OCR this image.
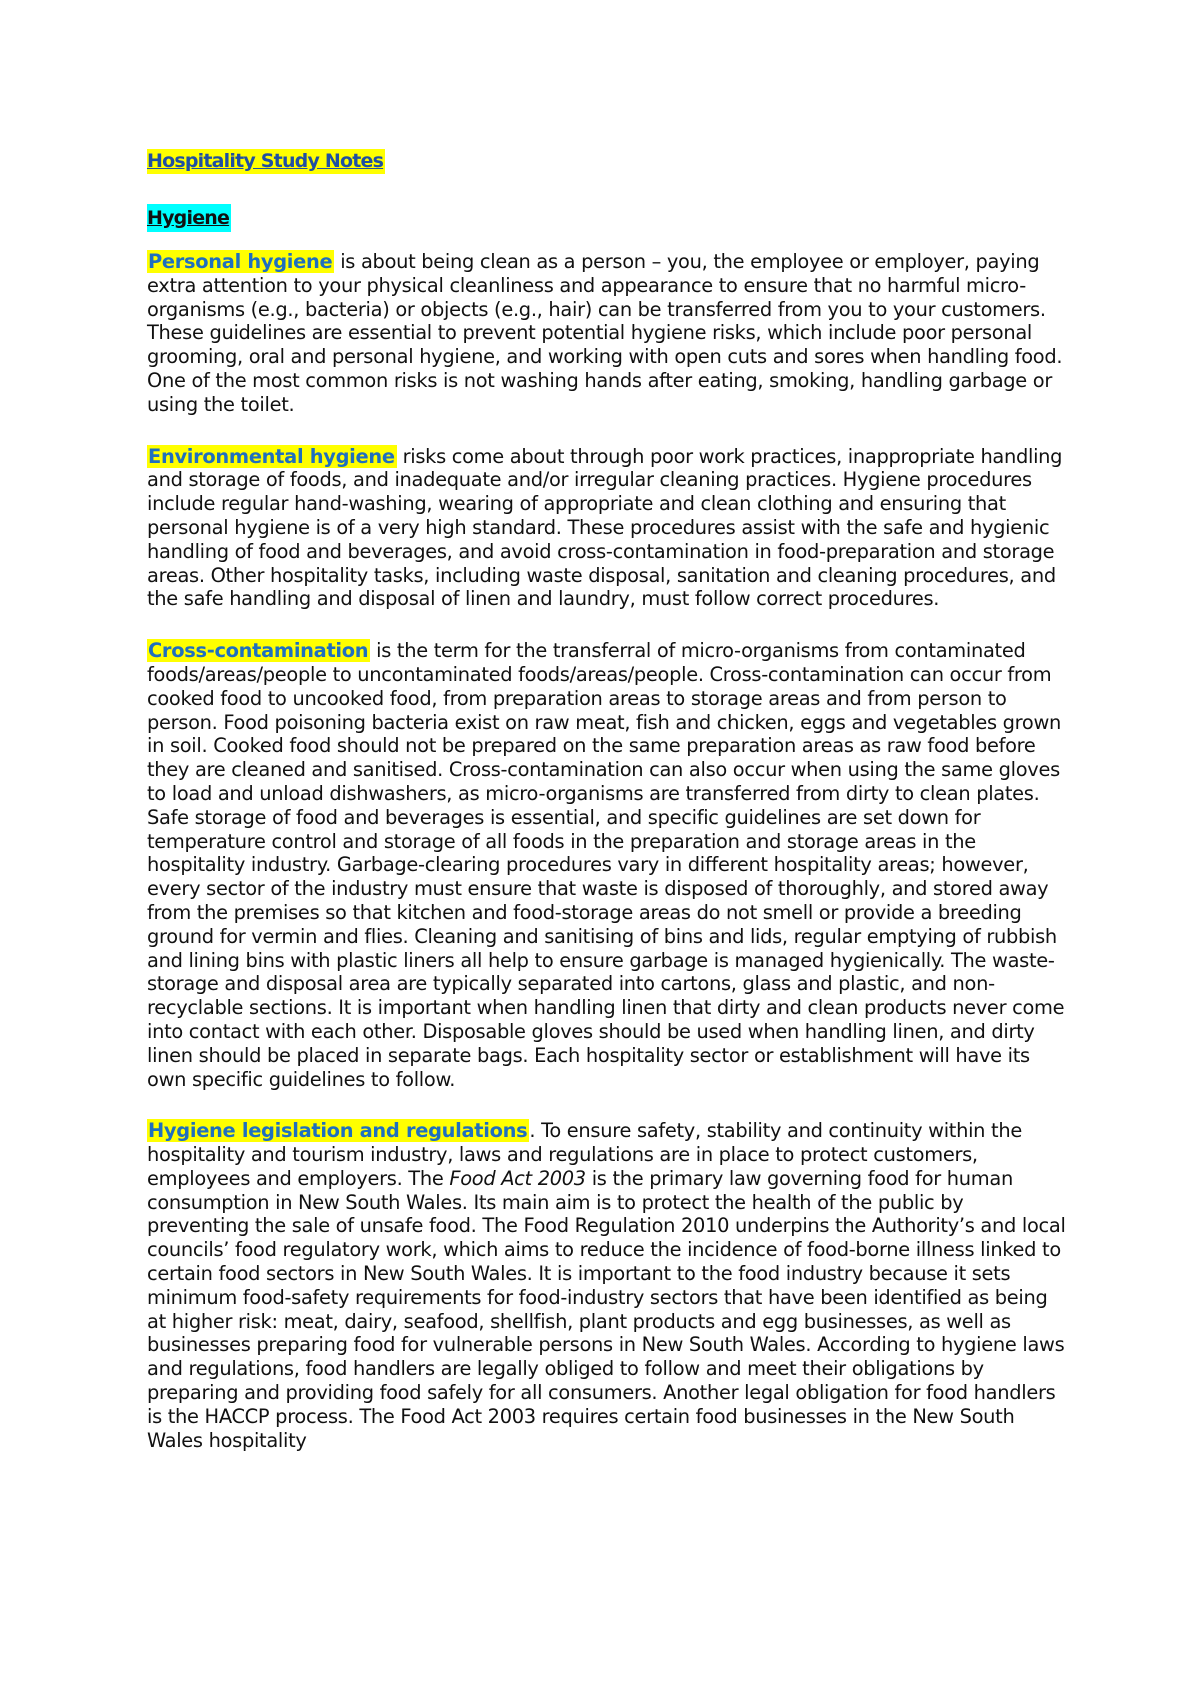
Hospitality Study Notes
Hygiene

Personal hygiene is about being clean as a person – you, the employee or employer, paying extra attention to your physical cleanliness and appearance to ensure that no harmful micro-organisms (e.g., bacteria) or objects (e.g., hair) can be transferred from you to your customers. These guidelines are essential to prevent potential hygiene risks, which include poor personal grooming, oral and personal hygiene, and working with open cuts and sores when handling food. One of the most common risks is not washing hands after eating, smoking, handling garbage or using the toilet.

Environmental hygiene risks come about through poor work practices, inappropriate handling and storage of foods, and inadequate and/or irregular cleaning practices. Hygiene procedures include regular hand-washing, wearing of appropriate and clean clothing and ensuring that personal hygiene is of a very high standard. These procedures assist with the safe and hygienic handling of food and beverages, and avoid cross-contamination in food-preparation and storage areas. Other hospitality tasks, including waste disposal, sanitation and cleaning procedures, and the safe handling and disposal of linen and laundry, must follow correct procedures.

Cross-contamination is the term for the transferral of micro-organisms from contaminated foods/areas/people to uncontaminated foods/areas/people. Cross-contamination can occur from cooked food to uncooked food, from preparation areas to storage areas and from person to person. Food poisoning bacteria exist on raw meat, fish and chicken, eggs and vegetables grown in soil. Cooked food should not be prepared on the same preparation areas as raw food before they are cleaned and sanitised. Cross-contamination can also occur when using the same gloves to load and unload dishwashers, as micro-organisms are transferred from dirty to clean plates. Safe storage of food and beverages is essential, and specific guidelines are set down for temperature control and storage of all foods in the preparation and storage areas in the hospitality industry. Garbage-clearing procedures vary in different hospitality areas; however, every sector of the industry must ensure that waste is disposed of thoroughly, and stored away from the premises so that kitchen and food-storage areas do not smell or provide a breeding ground for vermin and flies. Cleaning and sanitising of bins and lids, regular emptying of rubbish and lining bins with plastic liners all help to ensure garbage is managed hygienically. The waste-storage and disposal area are typically separated into cartons, glass and plastic, and non- recyclable sections. It is important when handling linen that dirty and clean products never come into contact with each other. Disposable gloves should be used when handling linen, and dirty linen should be placed in separate bags. Each hospitality sector or establishment will have its own specific guidelines to follow.

Hygiene legislation and regulations . To ensure safety, stability and continuity within the hospitality and tourism industry, laws and regulations are in place to protect customers, employees and employers. The Food Act 2003 is the primary law governing food for human consumption in New South Wales. Its main aim is to protect the health of the public by preventing the sale of unsafe food. The Food Regulation 2010 underpins the Authority’s and local councils’ food regulatory work, which aims to reduce the incidence of food-borne illness linked to certain food sectors in New South Wales. It is important to the food industry because it sets minimum food-safety requirements for food-industry sectors that have been identified as being at higher risk: meat, dairy, seafood, shellfish, plant products and egg businesses, as well as businesses preparing food for vulnerable persons in New South Wales. According to hygiene laws and regulations, food handlers are legally obliged to follow and meet their obligations by preparing and providing food safely for all consumers. Another legal obligation for food handlers is the HACCP process. The Food Act 2003 requires certain food businesses in the New South Wales hospitality
